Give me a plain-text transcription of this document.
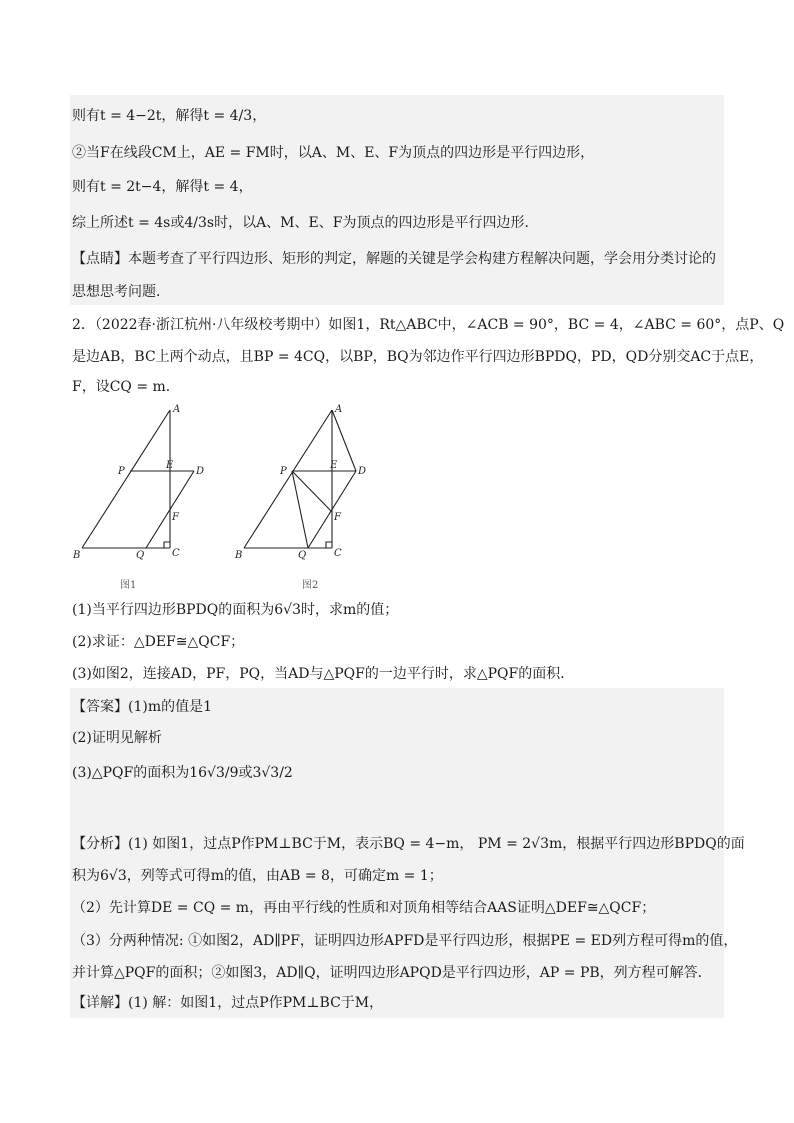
则有t = 4−2t，解得t = 4/3，
②当F在线段CM上，AE = FM时，以A、M、E、F为顶点的四边形是平行四边形，
则有t = 2t−4，解得t = 4，
综上所述t = 4s或4/3s时，以A、M、E、F为顶点的四边形是平行四边形．
【点睛】本题考查了平行四边形、矩形的判定，解题的关键是学会构建方程解决问题，学会用分类讨论的
思想思考问题．
2．（2022春·浙江杭州·八年级校考期中）如图1，Rt△ABC中，∠ACB = 90°，BC = 4，∠ABC = 60°，点P、Q
是边AB，BC上两个动点，且BP = 4CQ，以BP，BQ为邻边作平行四边形BPDQ，PD，QD分别交AC于点E，
F，设CQ = m．
A
P
E
D
F
B	Q	C
图1
A
P
E
D
F
B	Q	C
图2
(1)当平行四边形BPDQ的面积为6√3时，求m的值；
(2)求证：△DEF≅△QCF；
(3)如图2，连接AD，PF，PQ，当AD与△PQF的一边平行时，求△PQF的面积．
【答案】(1)m的值是1
(2)证明见解析
(3)△PQF的面积为16√3/9或3√3/2
【分析】(1) 如图1，过点P作PM⊥BC于M，表示BQ = 4−m， PM = 2√3m，根据平行四边形BPDQ的面
积为6√3，列等式可得m的值，由AB = 8，可确定m = 1；
（2）先计算DE = CQ = m，再由平行线的性质和对顶角相等结合AAS证明△DEF≅△QCF；
（3）分两种情况: ①如图2，AD∥PF，证明四边形APFD是平行四边形，根据PE = ED列方程可得m的值，
并计算△PQF的面积；②如图3，AD∥Q，证明四边形APQD是平行四边形，AP = PB，列方程可解答．
【详解】(1) 解：如图1，过点P作PM⊥BC于M，
